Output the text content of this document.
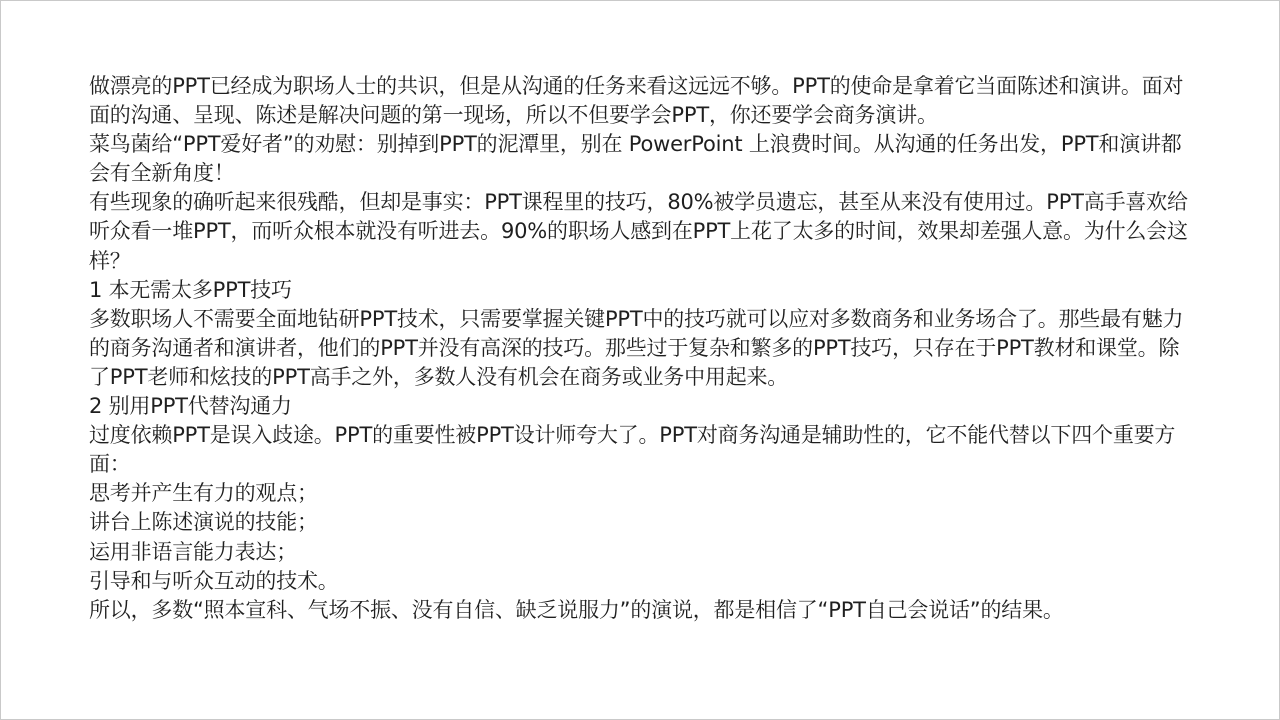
做漂亮的PPT已经成为职场人士的共识，但是从沟通的任务来看这远远不够。PPT的使命是拿着它当面陈述和演讲。面对面的沟通、呈现、陈述是解决问题的第一现场，所以不但要学会PPT，你还要学会商务演讲。

菜鸟菌给“PPT爱好者”的劝慰：别掉到PPT的泥潭里，别在 PowerPoint 上浪费时间。从沟通的任务出发，PPT和演讲都会有全新角度！

有些现象的确听起来很残酷，但却是事实：PPT课程里的技巧，80%被学员遗忘，甚至从来没有使用过。PPT高手喜欢给听众看一堆PPT，而听众根本就没有听进去。90%的职场人感到在PPT上花了太多的时间，效果却差强人意。为什么会这样？

1 本无需太多PPT技巧

多数职场人不需要全面地钻研PPT技术，只需要掌握关键PPT中的技巧就可以应对多数商务和业务场合了。那些最有魅力的商务沟通者和演讲者，他们的PPT并没有高深的技巧。那些过于复杂和繁多的PPT技巧，只存在于PPT教材和课堂。除了PPT老师和炫技的PPT高手之外，多数人没有机会在商务或业务中用起来。

2 别用PPT代替沟通力

过度依赖PPT是误入歧途。PPT的重要性被PPT设计师夸大了。PPT对商务沟通是辅助性的，它不能代替以下四个重要方面：

思考并产生有力的观点；

讲台上陈述演说的技能；

运用非语言能力表达；

引导和与听众互动的技术。

所以，多数“照本宣科、气场不振、没有自信、缺乏说服力”的演说，都是相信了“PPT自己会说话”的结果。
